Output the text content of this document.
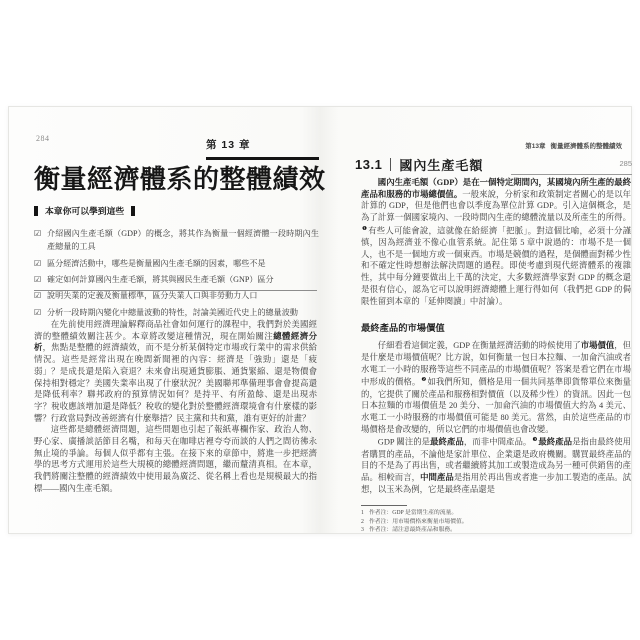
284
第 13 章
衡量經濟體系的整體績效
本章你可以學到這些
☑ 介紹國內生產毛額（GDP）的概念，將其作為衡量一個經濟體一段時期內生產總量的工具
☑ 區分經濟活動中，哪些是衡量國內生產毛額的因素，哪些不是
☑ 確定如何計算國內生產毛額，將其與國民生產毛額（GNP）區分
☑ 說明失業的定義及衡量標準，區分失業人口與非勞動力人口
☑ 分析一段時期內變化中總量波動的特性，討論美國近代史上的總量波動

在先前使用經濟理論解釋商品社會如何運行的課程中，我們對於美國經濟的整體績效關注甚少。本章將改變這種情況，現在開始關注總體經濟分析，焦點是整體的經濟績效，而不是分析某個特定市場或行業中的需求供給情況。這些是經常出現在晚間新聞裡的內容：經濟是「強勁」還是「疲弱」？是成長還是陷入衰退？未來會出現通貨膨脹、通貨緊縮、還是物價會保持相對穩定？美國失業率出現了什麼狀況？美國聯邦準備理事會會提高還是降低利率？聯邦政府的預算情況如何？是持平、有所盈餘、還是出現赤字？稅收應該增加還是降低？稅收的變化對於整體經濟環境會有什麼樣的影響？行政當局對改善經濟有什麼舉措？民主黨和共和黨，誰有更好的計畫？

這些都是總體經濟問題，這些問題也引起了報紙專欄作家、政治人物、野心家、廣播談話節目名嘴，和每天在咖啡店裡夸夸而談的人們之間彷彿永無止境的爭論。每個人似乎都有主張。在接下來的章節中，將進一步把經濟學的思考方式運用於這些大規模的總體經濟問題，繼而釐清真相。在本章，我們將關注整體的經濟績效中使用最為廣泛、從名稱上看也是規模最大的指標——國內生產毛額。

第13章 衡量經濟體系的整體績效285
13.1 國內生產毛額

國內生產毛額（GDP）是在一個特定期間內，某國境內所生產的最終產品和服務的市場總價值。一般來說，分析家和政策制定者關心的是以年計算的 GDP，但是他們也會以季度為單位計算 GDP。引入這個概念，是為了計算一個國家境內、一段時間內生產的總體流量以及所產生的所得。$^❶$有些人可能會說，這就像在給經濟「把脈」。對這個比喻，必須十分謹慎，因為經濟並不像心血管系統。記住第 5 章中說過的：市場不是一個人，也不是一個地方或一個東西。市場是競價的過程，是個體面對稀少性和不確定性時想辦法解決問題的過程。即使考慮到現代經濟體系的複雜性，其中每分鐘要做出上千萬的決定，大多數經濟學家對 GDP 的概念還是很有信心，認為它可以說明經濟總體上運行得如何（我們把 GDP 的侷限性留到本章的「延伸閱讀」中討論）。

最終產品的市場價值

仔細看看這個定義，GDP 在衡量經濟活動的時候使用了市場價值，但是什麼是市場價值呢？比方說，如何衡量一包日本拉麵、一加侖汽油或者水電工一小時的服務等這些不同產品的市場價值呢？答案是看它們在市場中形成的價格。$^❷$如我們所知，價格是用一個共同基準即貨幣單位來衡量的，它提供了關於產品和服務相對價值（以及稀少性）的資訊。因此一包日本拉麵的市場價值是 20 美分、一加侖汽油的市場價值大約為 4 美元、水電工一小時服務的市場價值可能是 80 美元。當然，由於這些產品的市場價格是會改變的，所以它們的市場價值也會改變。

GDP 關注的是最終產品，而非中間產品。$^❸$最終產品是指由最終使用者購買的產品，不論他是家計單位、企業還是政府機關。購買最終產品的目的不是為了再出售，或者繼續將其加工或製造成為另一種可供銷售的產品。相較而言，中間產品是指用於再出售或者進一步加工製造的產品。試想，以玉米為例，它是最終產品還是

1 作者注：GDP 是當期生產的流量。
2 作者注：用市場價格來衡量市場價值。
3 作者注：請注意最終產品和服務。
